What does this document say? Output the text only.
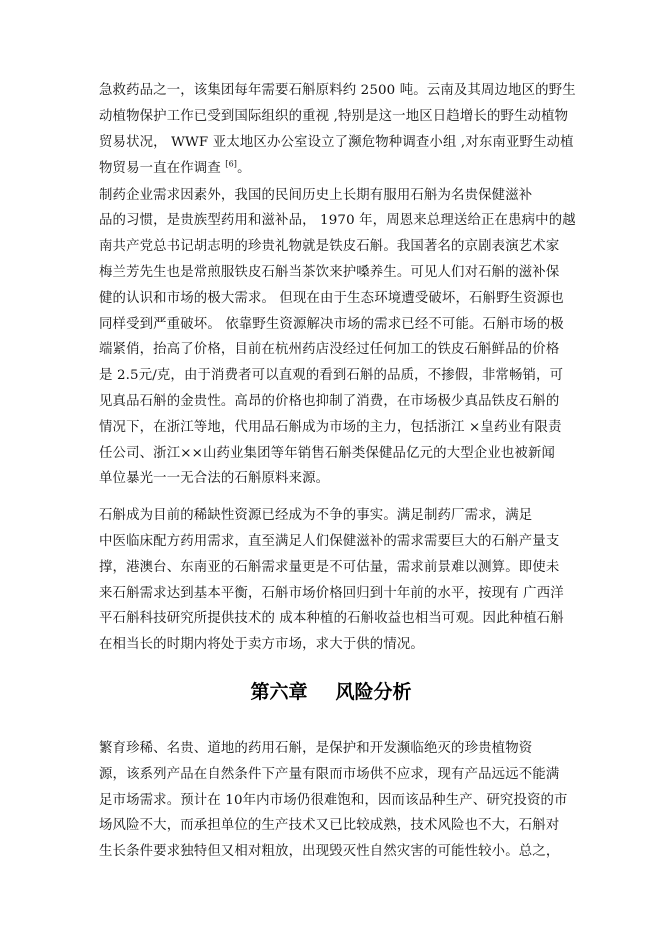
急救药品之一，该集团每年需要石斛原料约 2500 吨。云南及其周边地区的野生
动植物保护工作已受到国际组织的重视 ,特别是这一地区日趋增长的野生动植物
贸易状况， WWF 亚太地区办公室设立了濒危物种调查小组 ,对东南亚野生动植
物贸易一直在作调查 [6]。
制药企业需求因素外，我国的民间历史上长期有服用石斛为名贵保健滋补
品的习惯，是贵族型药用和滋补品， 1970 年，周恩来总理送给正在患病中的越
南共产党总书记胡志明的珍贵礼物就是铁皮石斛。我国著名的京剧表演艺术家
梅兰芳先生也是常煎服铁皮石斛当茶饮来护嗓养生。可见人们对石斛的滋补保
健的认识和市场的极大需求。 但现在由于生态环境遭受破坏，石斛野生资源也
同样受到严重破坏。 依靠野生资源解决市场的需求已经不可能。石斛市场的极
端紧俏，抬高了价格，目前在杭州药店没经过任何加工的铁皮石斛鲜品的价格
是 2.5元/克，由于消费者可以直观的看到石斛的品质，不掺假，非常畅销，可
见真品石斛的金贵性。高昂的价格也抑制了消费，在市场极少真品铁皮石斛的
情况下，在浙江等地，代用品石斛成为市场的主力，包括浙江 ×皇药业有限责
任公司、浙江××山药业集团等年销售石斛类保健品亿元的大型企业也被新闻
单位暴光一一无合法的石斛原料来源。
石斛成为目前的稀缺性资源已经成为不争的事实。满足制药厂需求，满足
中医临床配方药用需求，直至满足人们保健滋补的需求需要巨大的石斛产量支
撑，港澳台、东南亚的石斛需求量更是不可估量，需求前景难以测算。即使未
来石斛需求达到基本平衡，石斛市场价格回归到十年前的水平，按现有 广西洋
平石斛科技研究所提供技术的 成本种植的石斛收益也相当可观。因此种植石斛
在相当长的时期内将处于卖方市场，求大于供的情况。
第六章 风险分析
繁育珍稀、名贵、道地的药用石斛，是保护和开发濒临绝灭的珍贵植物资
源，该系列产品在自然条件下产量有限而市场供不应求，现有产品远远不能满
足市场需求。预计在 10年内市场仍很难饱和，因而该品种生产、研究投资的市
场风险不大，而承担单位的生产技术又已比较成熟，技术风险也不大，石斛对
生长条件要求独特但又相对粗放，出现毁灭性自然灾害的可能性较小。总之，
